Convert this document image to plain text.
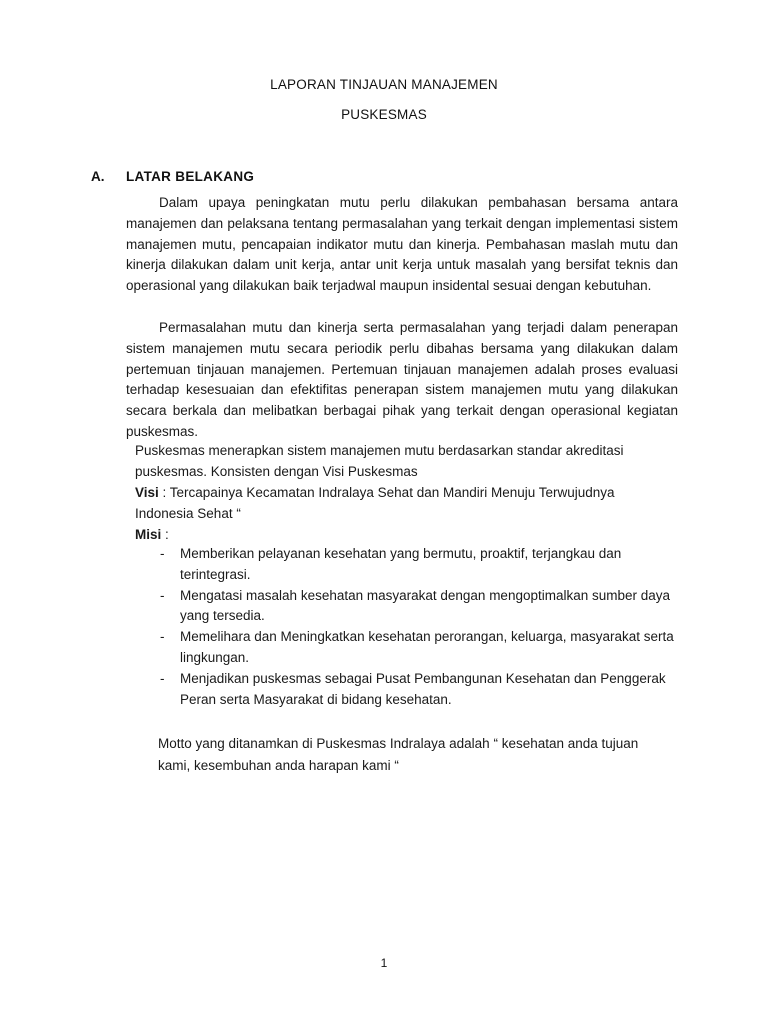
LAPORAN TINJAUAN MANAJEMEN
PUSKESMAS
A. LATAR BELAKANG
Dalam upaya peningkatan mutu perlu dilakukan pembahasan bersama antara manajemen dan pelaksana tentang permasalahan yang terkait dengan implementasi sistem manajemen mutu, pencapaian indikator mutu dan kinerja. Pembahasan maslah mutu dan kinerja dilakukan dalam unit kerja, antar unit kerja untuk masalah yang bersifat teknis dan operasional yang dilakukan baik terjadwal maupun insidental sesuai dengan kebutuhan.
Permasalahan mutu dan kinerja serta permasalahan yang terjadi dalam penerapan sistem manajemen mutu secara periodik perlu dibahas bersama yang dilakukan dalam pertemuan tinjauan manajemen. Pertemuan tinjauan manajemen adalah proses evaluasi terhadap kesesuaian dan efektifitas penerapan sistem manajemen mutu yang dilakukan secara berkala dan melibatkan berbagai pihak yang terkait dengan operasional kegiatan puskesmas.
Puskesmas menerapkan sistem manajemen mutu berdasarkan standar akreditasi puskesmas. Konsisten dengan Visi Puskesmas
Visi : Tercapainya Kecamatan Indralaya Sehat dan Mandiri Menuju Terwujudnya Indonesia Sehat “
Misi :
- Memberikan pelayanan kesehatan yang bermutu, proaktif, terjangkau dan terintegrasi.
- Mengatasi masalah kesehatan masyarakat dengan mengoptimalkan sumber daya yang tersedia.
- Memelihara dan Meningkatkan kesehatan perorangan, keluarga, masyarakat serta lingkungan.
- Menjadikan puskesmas sebagai Pusat Pembangunan Kesehatan dan Penggerak Peran serta Masyarakat di bidang kesehatan.
Motto yang ditanamkan di Puskesmas Indralaya adalah “ kesehatan anda tujuan kami, kesembuhan anda harapan kami “
1
